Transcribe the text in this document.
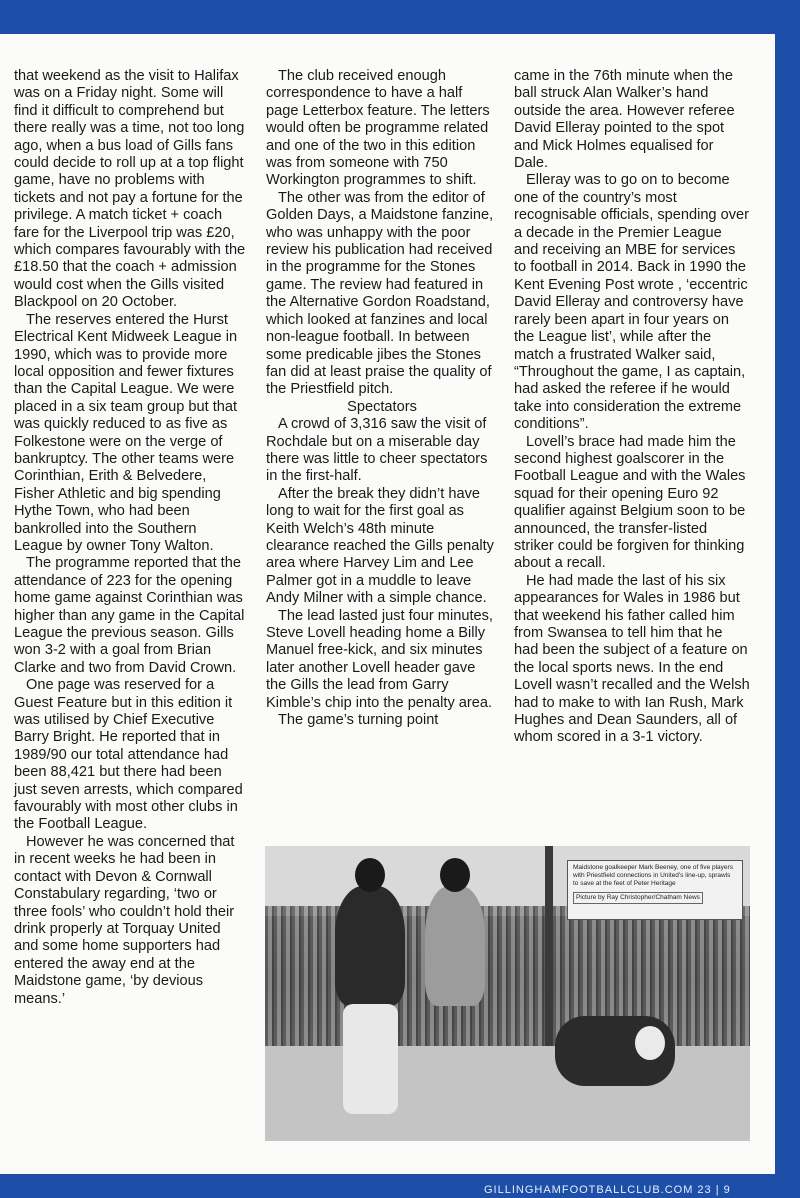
that weekend as the visit to Halifax was on a Friday night. Some will find it difficult to comprehend but there really was a time, not too long ago, when a bus load of Gills fans could decide to roll up at a top flight game, have no problems with tickets and not pay a fortune for the privilege. A match ticket + coach fare for the Liverpool trip was £20, which compares favourably with the £18.50 that the coach + admission would cost when the Gills visited Blackpool on 20 October.

The reserves entered the Hurst Electrical Kent Midweek League in 1990, which was to provide more local opposition and fewer fixtures than the Capital League. We were placed in a six team group but that was quickly reduced to as five as Folkestone were on the verge of bankruptcy. The other teams were Corinthian, Erith & Belvedere, Fisher Athletic and big spending Hythe Town, who had been bankrolled into the Southern League by owner Tony Walton.

The programme reported that the attendance of 223 for the opening home game against Corinthian was higher than any game in the Capital League the previous season. Gills won 3-2 with a goal from Brian Clarke and two from David Crown.

One page was reserved for a Guest Feature but in this edition it was utilised by Chief Executive Barry Bright. He reported that in 1989/90 our total attendance had been 88,421 but there had been just seven arrests, which compared favourably with most other clubs in the Football League.

However he was concerned that in recent weeks he had been in contact with Devon & Cornwall Constabulary regarding, ‘two or three fools’ who couldn’t hold their drink properly at Torquay United and some home supporters had entered the away end at the Maidstone game, ‘by devious means.’

The club received enough correspondence to have a half page Letterbox feature. The letters would often be programme related and one of the two in this edition was from someone with 750 Workington programmes to shift.

The other was from the editor of Golden Days, a Maidstone fanzine, who was unhappy with the poor review his publication had received in the programme for the Stones game. The review had featured in the Alternative Gordon Roadstand, which looked at fanzines and local non-league football. In between some predicable jibes the Stones fan did at least praise the quality of the Priestfield pitch.

Spectators

A crowd of 3,316 saw the visit of Rochdale but on a miserable day there was little to cheer spectators in the first-half.

After the break they didn’t have long to wait for the first goal as Keith Welch’s 48th minute clearance reached the Gills penalty area where Harvey Lim and Lee Palmer got in a muddle to leave Andy Milner with a simple chance.

The lead lasted just four minutes, Steve Lovell heading home a Billy Manuel free-kick, and six minutes later another Lovell header gave the Gills the lead from Garry Kimble’s chip into the penalty area.

The game’s turning point

came in the 76th minute when the ball struck Alan Walker’s hand outside the area. However referee David Elleray pointed to the spot and Mick Holmes equalised for Dale.

Elleray was to go on to become one of the country’s most recognisable officials, spending over a decade in the Premier League and receiving an MBE for services to football in 2014. Back in 1990 the Kent Evening Post wrote , ‘eccentric David Elleray and controversy have rarely been apart in four years on the League list’, while after the match a frustrated Walker said, “Throughout the game, I as captain, had asked the referee if he would take into consideration the extreme conditions”.

Lovell’s brace had made him the second highest goalscorer in the Football League and with the Wales squad for their opening Euro 92 qualifier against Belgium soon to be announced, the transfer-listed striker could be forgiven for thinking about a recall.

He had made the last of his six appearances for Wales in 1986 but that weekend his father called him from Swansea to tell him that he had been the subject of a feature on the local sports news. In the end Lovell wasn’t recalled and the Welsh had to make to with Ian Rush, Mark Hughes and Dean Saunders, all of whom scored in a 3-1 victory.

Maidstone goalkeeper Mark Beeney, one of five players with Priestfield connections in United’s line-up, sprawls to save at the feet of Peter Heritage
Picture by Ray Christopher/Chatham News
GILLINGHAMFOOTBALLCLUB.COM 23 | 9
